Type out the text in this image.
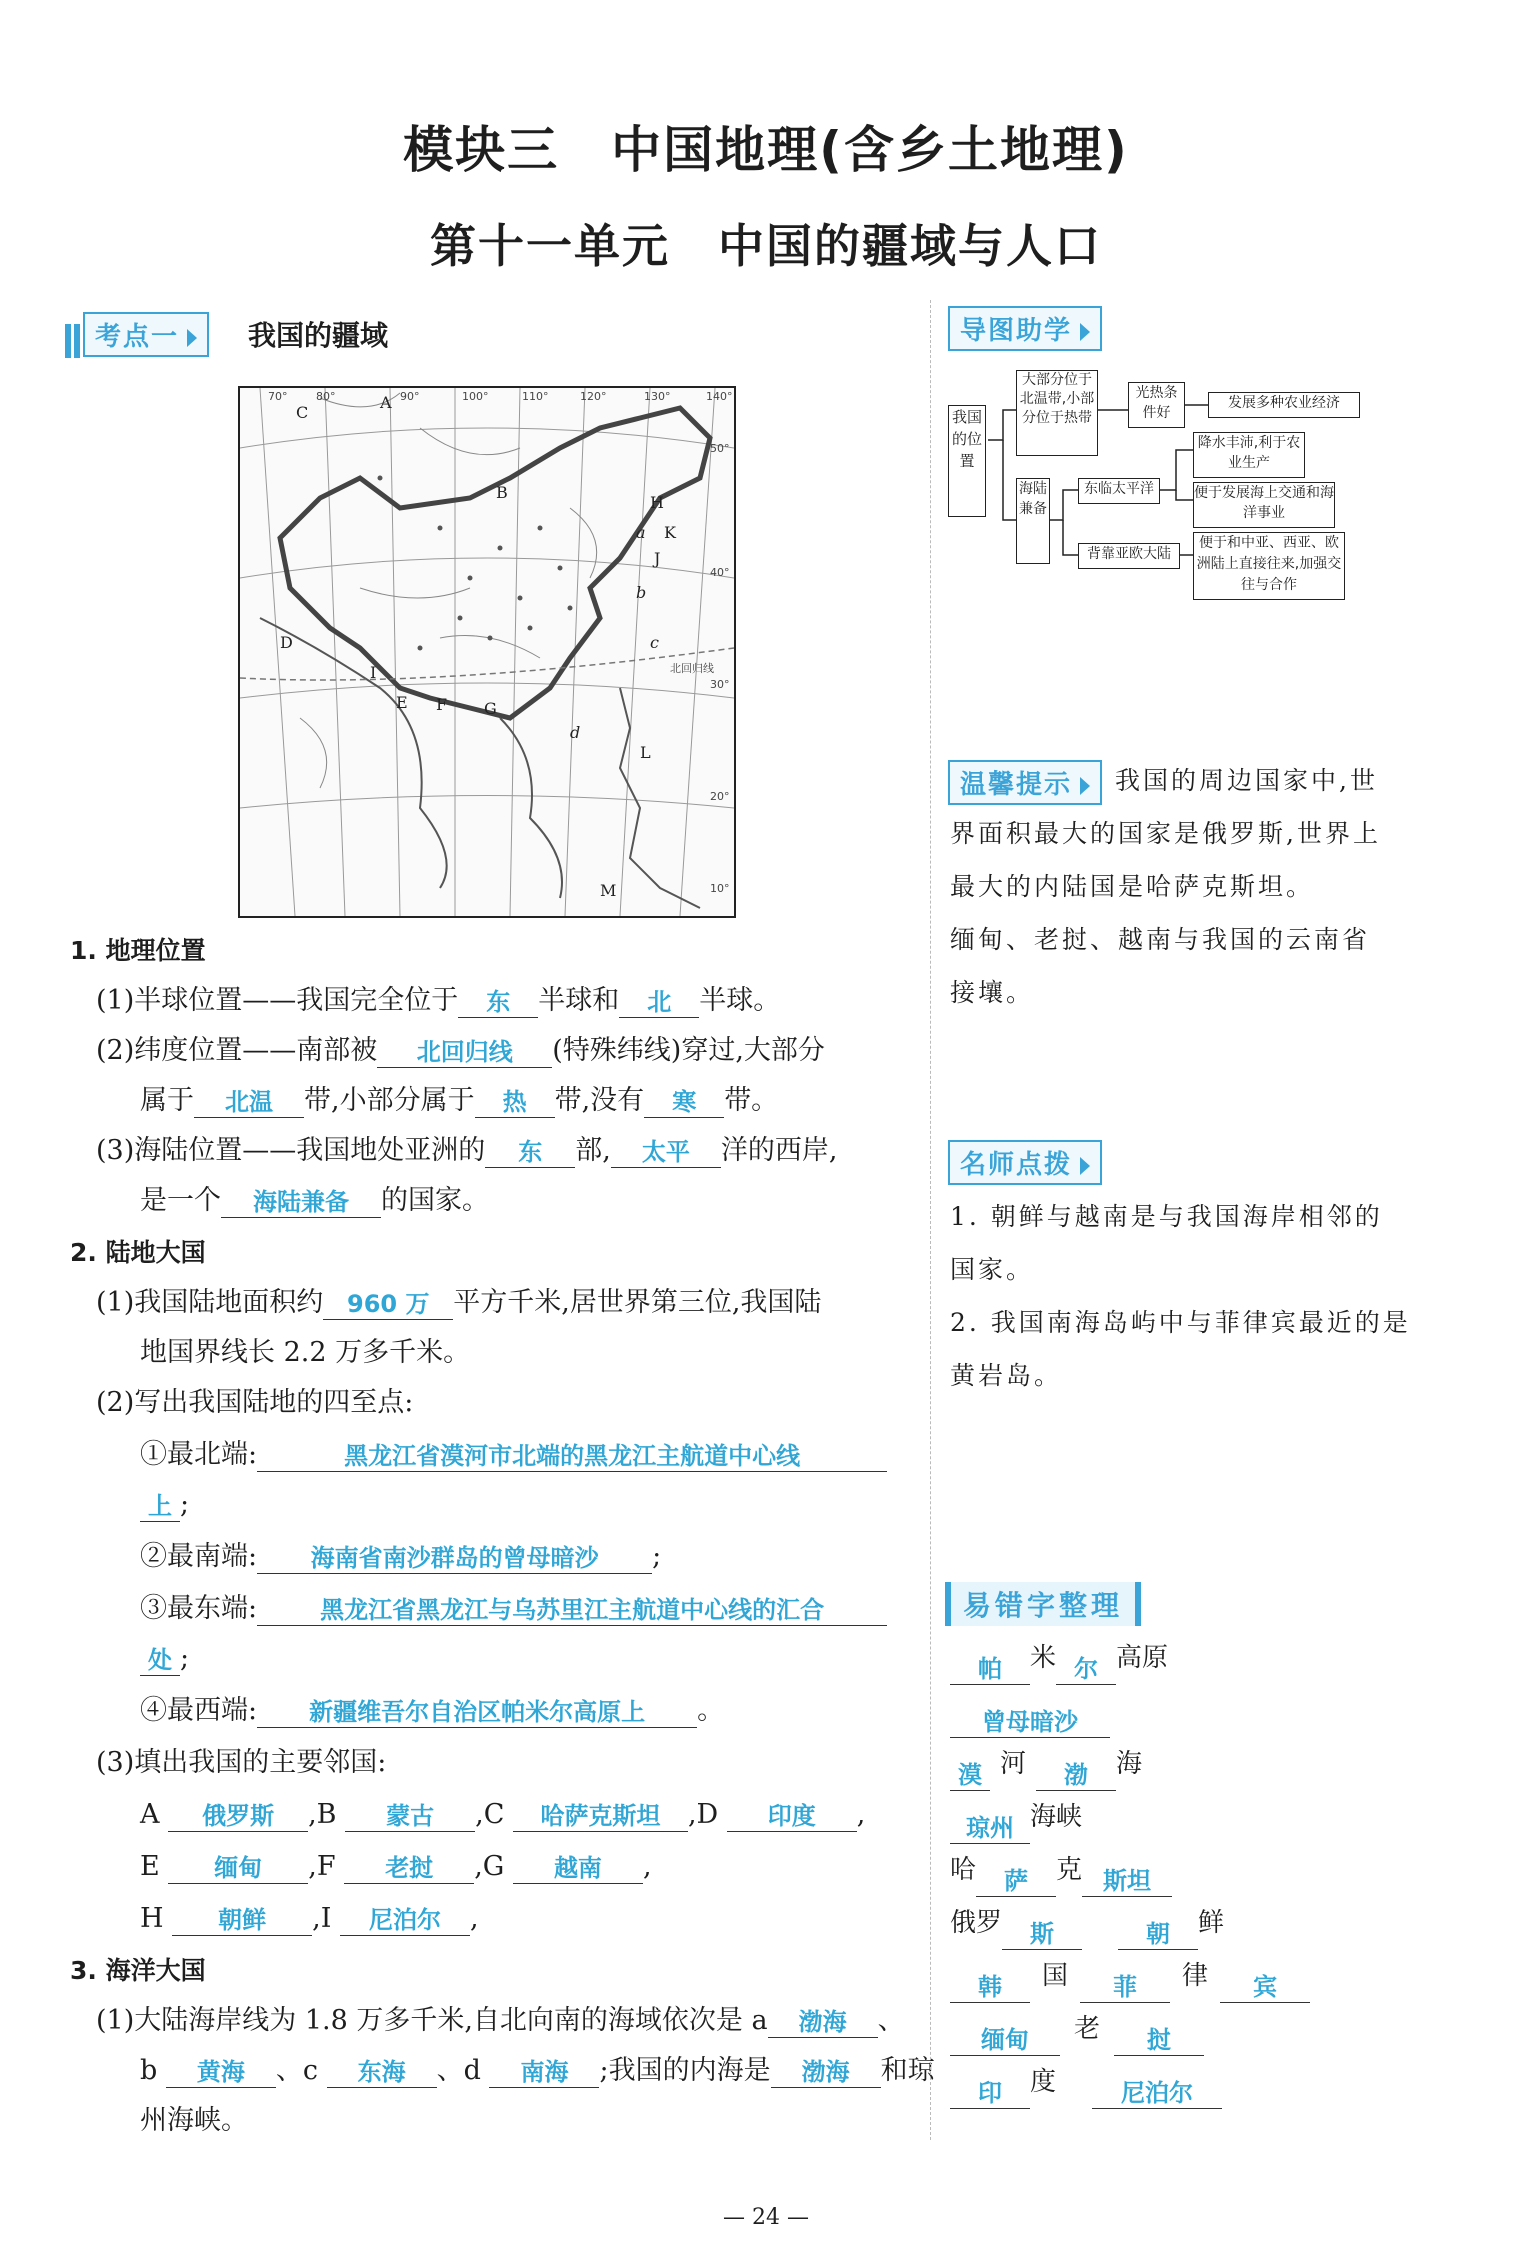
模块三　中国地理(含乡土地理)
第十一单元　中国的疆域与人口
考点一	我国的疆域
C
A
B
D
E F G
H
K
I
J
L
M
a
b
c
d
70°	80°	90°	100°	110°	120°	130°	140°
50°
40°
30°
20°
10°
北回归线
1. 地理位置
(1)半球位置——我国完全位于 东 半球和 北 半球。
(2)纬度位置——南部被 北回归线 (特殊纬线)穿过,大部分
属于 北温 带,小部分属于 热 带,没有 寒 带。
(3)海陆位置——我国地处亚洲的 东 部, 太平 洋的西岸,
是一个 海陆兼备 的国家。
2. 陆地大国
(1)我国陆地面积约 960 万 平方千米,居世界第三位,我国陆
地国界线长 2.2 万多千米。
(2)写出我国陆地的四至点:
①最北端:	黑龙江省漠河市北端的黑龙江主航道中心线
上 ;
②最南端: 海南省南沙群岛的曾母暗沙 ;
③最东端:	黑龙江省黑龙江与乌苏里江主航道中心线的汇合
处 ;
④最西端: 新疆维吾尔自治区帕米尔高原上 。
(3)填出我国的主要邻国:
A 俄罗斯 ,B 蒙古 ,C 哈萨克斯坦 ,D 印度 ,
E 缅甸 ,F 老挝 ,G 越南 ,
H 朝鲜 ,I 尼泊尔 ,
3. 海洋大国
(1)大陆海岸线为 1.8 万多千米,自北向南的海域依次是 a 渤海 、
b 黄海 、c 东海 、d 南海 ;我国的内海是 渤海 和琼
州海峡。
导图助学
我国的位置
大部分位于北温带,小部分位于热带
光热条件好
发展多种农业经济
海陆兼备
东临太平洋
背靠亚欧大陆
降水丰沛,利于农业生产
便于发展海上交通和海洋事业
便于和中亚、西亚、欧洲陆上直接往来,加强交往与合作
温馨提示	我国的周边国家中,世
界面积最大的国家是俄罗斯,世界上
最大的内陆国是哈萨克斯坦。
缅甸、老挝、越南与我国的云南省
接壤。
名师点拨
1. 朝鲜与越南是与我国海岸相邻的
国家。
2. 我国南海岛屿中与菲律宾最近的是
黄岩岛。
易错字整理
帕 米 尔 高原
曾母暗沙
漠 河 渤 海
琼州 海峡
哈 萨 克 斯坦
俄罗 斯	朝 鲜
韩 国 菲 律 宾
缅甸 老 挝
印 度	尼泊尔
— 24 —
